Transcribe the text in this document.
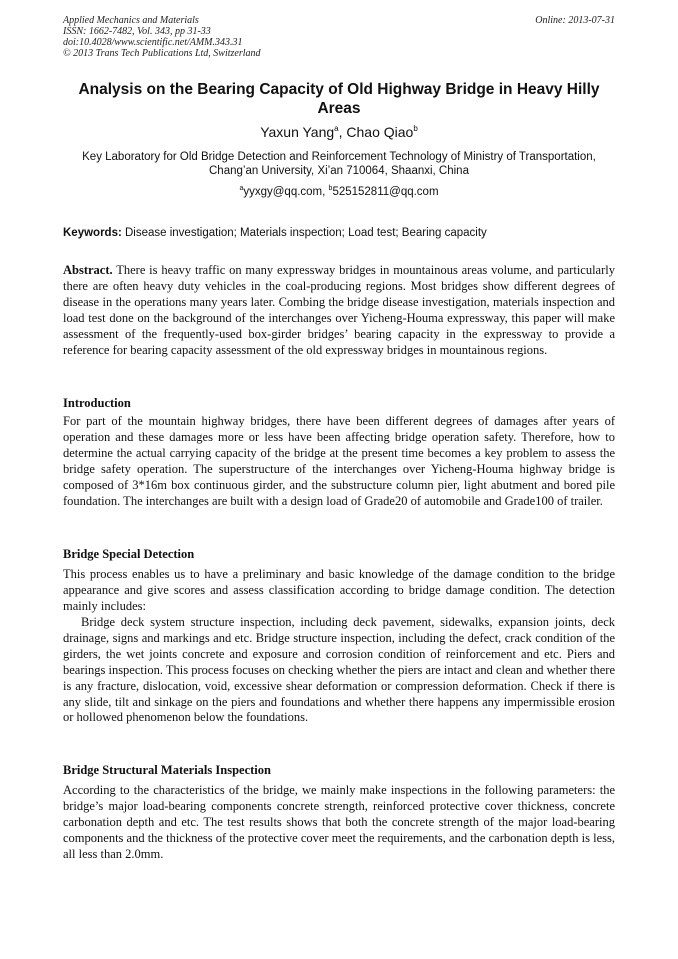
Applied Mechanics and Materials
ISSN: 1662-7482, Vol. 343, pp 31-33
doi:10.4028/www.scientific.net/AMM.343.31
© 2013 Trans Tech Publications Ltd, Switzerland
Online: 2013-07-31
Analysis on the Bearing Capacity of Old Highway Bridge in Heavy Hilly Areas
Yaxun Yang$^a$, Chao Qiao$^b$
Key Laboratory for Old Bridge Detection and Reinforcement Technology of Ministry of Transportation, Chang’an University, Xi’an 710064, Shaanxi, China
$^a$yyxgy@qq.com, $^b$525152811@qq.com
Keywords: Disease investigation; Materials inspection; Load test; Bearing capacity

Abstract. There is heavy traffic on many expressway bridges in mountainous areas volume, and particularly there are often heavy duty vehicles in the coal-producing regions. Most bridges show different degrees of disease in the operations many years later. Combing the bridge disease investigation, materials inspection and load test done on the background of the interchanges over Yicheng-Houma expressway, this paper will make assessment of the frequently-used box-girder bridges’ bearing capacity in the expressway to provide a reference for bearing capacity assessment of the old expressway bridges in mountainous regions.

Introduction

For part of the mountain highway bridges, there have been different degrees of damages after years of operation and these damages more or less have been affecting bridge operation safety. Therefore, how to determine the actual carrying capacity of the bridge at the present time becomes a key problem to assess the bridge safety operation. The superstructure of the interchanges over Yicheng-Houma highway bridge is composed of 3*16m box continuous girder, and the substructure column pier, light abutment and bored pile foundation. The interchanges are built with a design load of Grade20 of automobile and Grade100 of trailer.

Bridge Special Detection

This process enables us to have a preliminary and basic knowledge of the damage condition to the bridge appearance and give scores and assess classification according to bridge damage condition. The detection mainly includes:

Bridge deck system structure inspection, including deck pavement, sidewalks, expansion joints, deck drainage, signs and markings and etc. Bridge structure inspection, including the defect, crack condition of the girders, the wet joints concrete and exposure and corrosion condition of reinforcement and etc. Piers and bearings inspection. This process focuses on checking whether the piers are intact and clean and whether there is any fracture, dislocation, void, excessive shear deformation or compression deformation. Check if there is any slide, tilt and sinkage on the piers and foundations and whether there happens any impermissible erosion or hollowed phenomenon below the foundations.

Bridge Structural Materials Inspection

According to the characteristics of the bridge, we mainly make inspections in the following parameters: the bridge’s major load-bearing components concrete strength, reinforced protective cover thickness, concrete carbonation depth and etc. The test results shows that both the concrete strength of the major load-bearing components and the thickness of the protective cover meet the requirements, and the carbonation depth is less, all less than 2.0mm.
